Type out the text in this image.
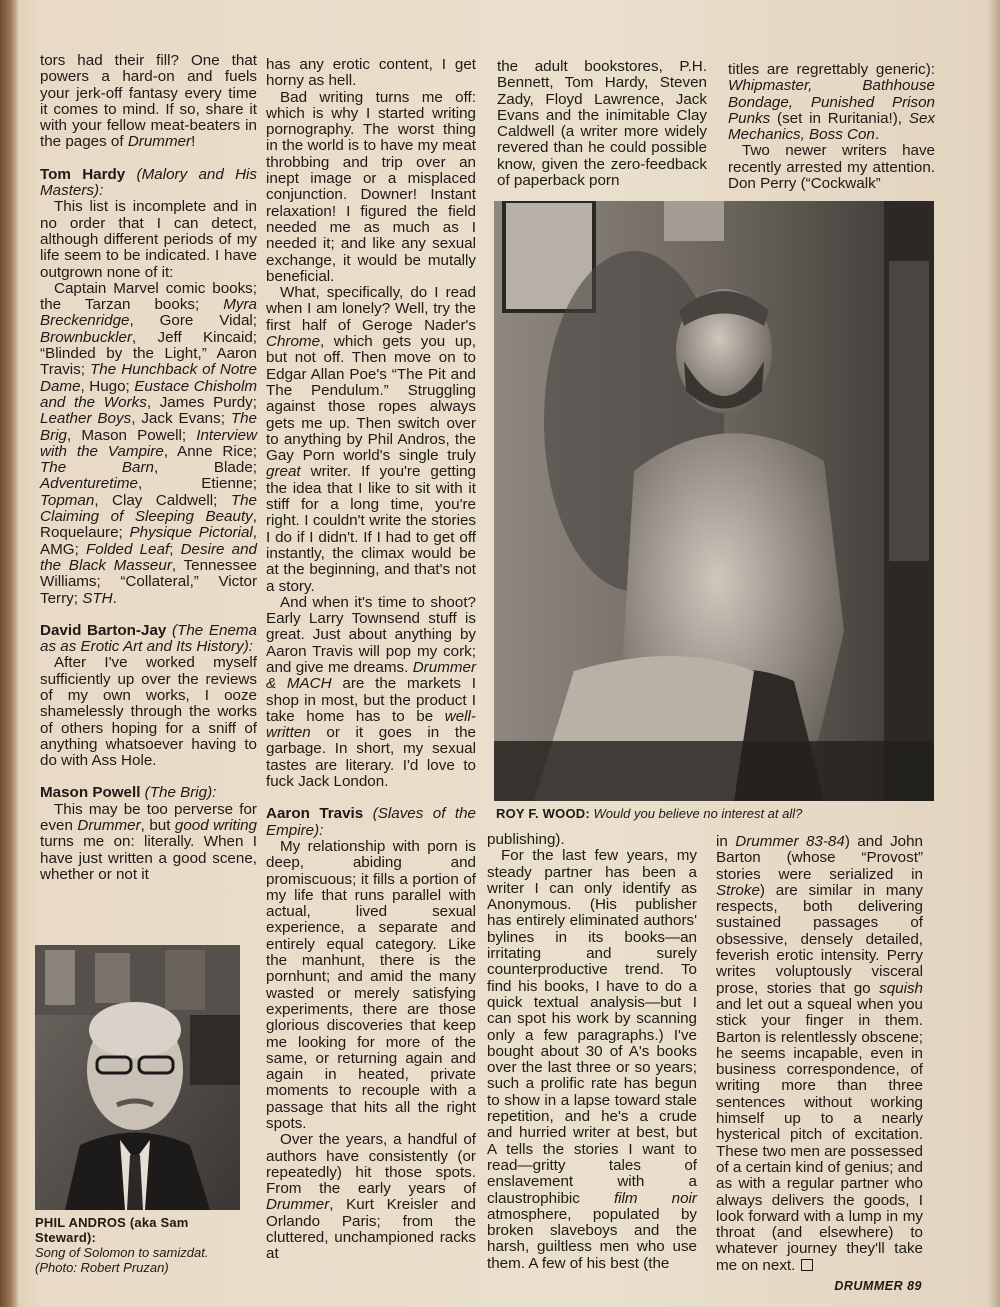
tors had their fill? One that powers a hard-on and fuels your jerk-off fantasy every time it comes to mind. If so, share it with your fellow meat-beaters in the pages of Drummer!

Tom Hardy (Malory and His Masters):

This list is incomplete and in no order that I can detect, although different periods of my life seem to be indicated. I have outgrown none of it:

Captain Marvel comic books; the Tarzan books; Myra Breckenridge, Gore Vidal; Brownbuckler, Jeff Kincaid; “Blinded by the Light,” Aaron Travis; The Hunchback of Notre Dame, Hugo; Eustace Chisholm and the Works, James Purdy; Leather Boys, Jack Evans; The Brig, Mason Powell; Interview with the Vampire, Anne Rice; The Barn, Blade; Adventuretime, Etienne; Topman, Clay Caldwell; The Claiming of Sleeping Beauty, Roquelaure; Physique Pictorial, AMG; Folded Leaf; Desire and the Black Masseur, Tennessee Williams; “Collateral,” Victor Terry; STH.

David Barton-Jay (The Enema as as Erotic Art and Its History):

After I've worked myself sufficiently up over the reviews of my own works, I ooze shamelessly through the works of others hoping for a sniff of anything whatsoever having to do with Ass Hole.

Mason Powell (The Brig):

This may be too perverse for even Drummer, but good writing turns me on: literally. When I have just written a good scene, whether or not it

PHIL ANDROS (aka Sam Steward):
Song of Solomon to samizdat. (Photo: Robert Pruzan)

has any erotic content, I get horny as hell.

Bad writing turns me off: which is why I started writing pornography. The worst thing in the world is to have my meat throbbing and trip over an inept image or a misplaced conjunction. Downer! Instant relaxation! I figured the field needed me as much as I needed it; and like any sexual exchange, it would be mutally beneficial.

What, specifically, do I read when I am lonely? Well, try the first half of Geroge Nader's Chrome, which gets you up, but not off. Then move on to Edgar Allan Poe's “The Pit and The Pendulum.” Struggling against those ropes always gets me up. Then switch over to anything by Phil Andros, the Gay Porn world's single truly great writer. If you're getting the idea that I like to sit with it stiff for a long time, you're right. I couldn't write the stories I do if I didn't. If I had to get off instantly, the climax would be at the beginning, and that's not a story.

And when it's time to shoot? Early Larry Townsend stuff is great. Just about anything by Aaron Travis will pop my cork; and give me dreams. Drummer & MACH are the markets I shop in most, but the product I take home has to be well-written or it goes in the garbage. In short, my sexual tastes are literary. I'd love to fuck Jack London.

Aaron Travis (Slaves of the Empire):

My relationship with porn is deep, abiding and promiscuous; it fills a portion of my life that runs parallel with actual, lived sexual experience, a separate and entirely equal category. Like the manhunt, there is the pornhunt; and amid the many wasted or merely satisfying experiments, there are those glorious discoveries that keep me looking for more of the same, or returning again and again in heated, private moments to recouple with a passage that hits all the right spots.

Over the years, a handful of authors have consistently (or repeatedly) hit those spots. From the early years of Drummer, Kurt Kreisler and Orlando Paris; from the cluttered, unchampioned racks at

the adult bookstores, P.H. Bennett, Tom Hardy, Steven Zady, Floyd Lawrence, Jack Evans and the inimitable Clay Caldwell (a writer more widely revered than he could possible know, given the zero-feedback of paperback porn

titles are regrettably generic): Whipmaster, Bathhouse Bondage, Punished Prison Punks (set in Ruritania!), Sex Mechanics, Boss Con.

Two newer writers have recently arrested my attention. Don Perry (“Cockwalk”

ROY F. WOOD: Would you believe no interest at all?

publishing).

For the last few years, my steady partner has been a writer I can only identify as Anonymous. (His publisher has entirely eliminated authors' bylines in its books—an irritating and surely counterproductive trend. To find his books, I have to do a quick textual analysis—but I can spot his work by scanning only a few paragraphs.) I've bought about 30 of A's books over the last three or so years; such a prolific rate has begun to show in a lapse toward stale repetition, and he's a crude and hurried writer at best, but A tells the stories I want to read—gritty tales of enslavement with a claustrophibic film noir atmosphere, populated by broken slaveboys and the harsh, guiltless men who use them. A few of his best (the

in Drummer 83-84) and John Barton (whose “Provost” stories were serialized in Stroke) are similar in many respects, both delivering sustained passages of obsessive, densely detailed, feverish erotic intensity. Perry writes voluptously visceral prose, stories that go squish and let out a squeal when you stick your finger in them. Barton is relentlessly obscene; he seems incapable, even in business correspondence, of writing more than three sentences without working himself up to a nearly hysterical pitch of excitation. These two men are possessed of a certain kind of genius; and as with a regular partner who always delivers the goods, I look forward with a lump in my throat (and elsewhere) to whatever journey they'll take me on next.

DRUMMER 89
